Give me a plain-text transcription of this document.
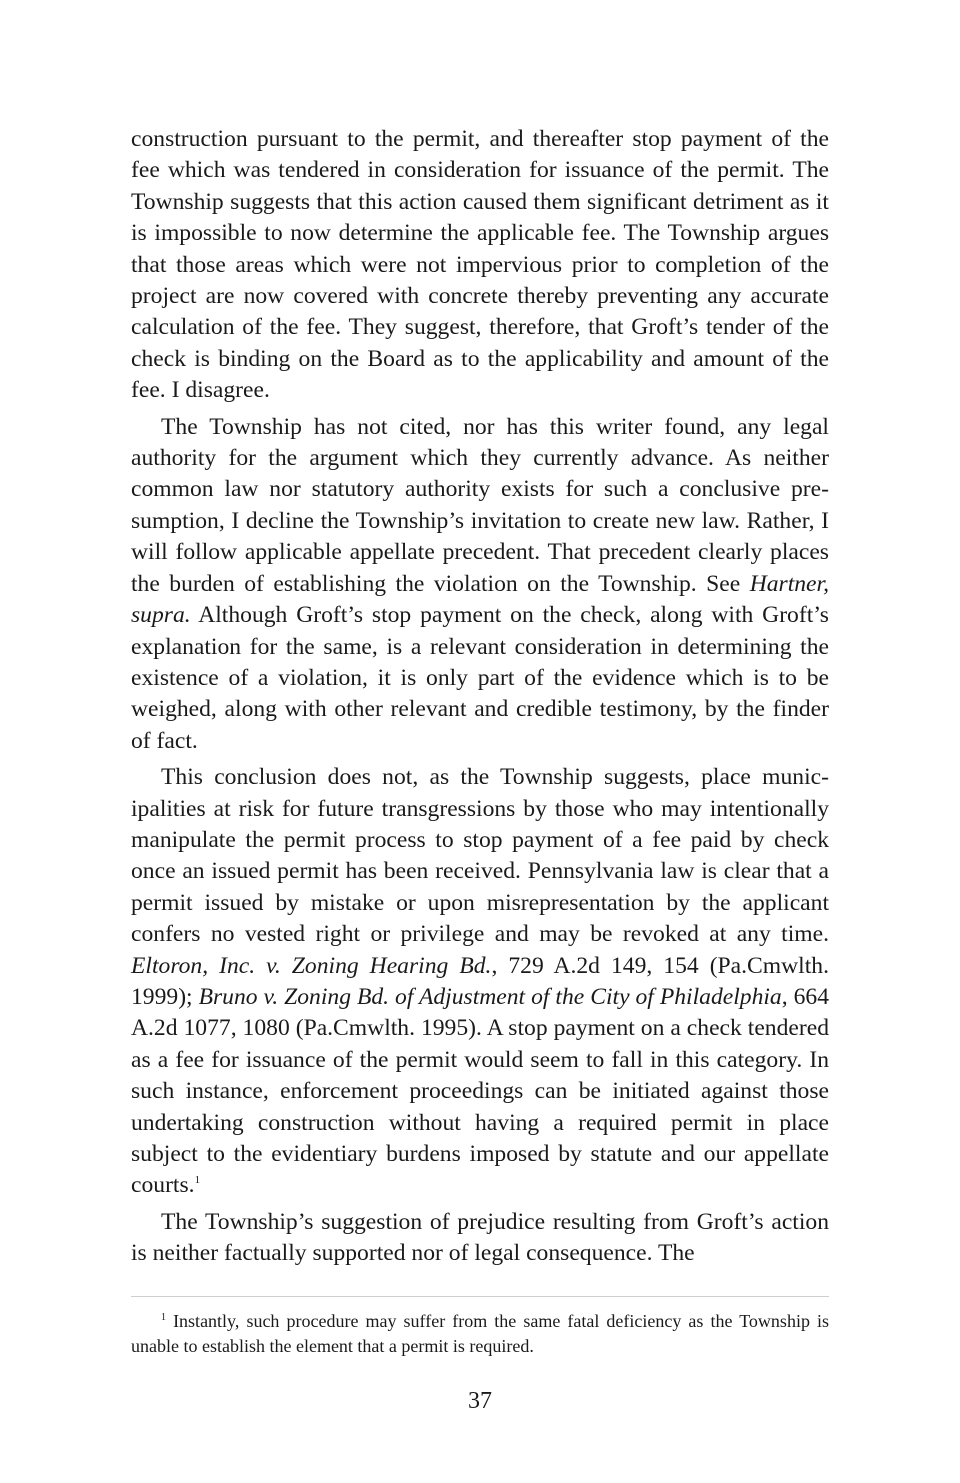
construction pursuant to the permit, and thereafter stop payment of the fee which was tendered in consideration for issuance of the permit. The Township suggests that this action caused them significant detriment as it is impossible to now determine the applicable fee. The Township argues that those areas which were not impervious prior to completion of the project are now covered with concrete thereby preventing any accurate calculation of the fee. They suggest, therefore, that Groft’s tender of the check is binding on the Board as to the applicability and amount of the fee. I disagree.

The Township has not cited, nor has this writer found, any legal authority for the argument which they currently advance. As neither common law nor statutory authority exists for such a conclusive presumption, I decline the Township’s invitation to create new law. Rather, I will follow applicable appellate precedent. That precedent clearly places the burden of establishing the violation on the Township. See Hartner, supra. Although Groft’s stop payment on the check, along with Groft’s explanation for the same, is a relevant consideration in determining the existence of a violation, it is only part of the evidence which is to be weighed, along with other relevant and credible testimony, by the finder of fact.

This conclusion does not, as the Township suggests, place municipalities at risk for future transgressions by those who may intentionally manipulate the permit process to stop payment of a fee paid by check once an issued permit has been received. Pennsylvania law is clear that a permit issued by mistake or upon misrepresentation by the applicant confers no vested right or privilege and may be revoked at any time. Eltoron, Inc. v. Zoning Hearing Bd., 729 A.2d 149, 154 (Pa.Cmwlth. 1999); Bruno v. Zoning Bd. of Adjustment of the City of Philadelphia, 664 A.2d 1077, 1080 (Pa.Cmwlth. 1995). A stop payment on a check tendered as a fee for issuance of the permit would seem to fall in this category. In such instance, enforcement proceedings can be initiated against those undertaking construction without having a required permit in place subject to the evidentiary burdens imposed by statute and our appellate courts.$^1$

The Township’s suggestion of prejudice resulting from Groft’s action is neither factually supported nor of legal consequence. The

$^1$ Instantly, such procedure may suffer from the same fatal deficiency as the Township is unable to establish the element that a permit is required.

37
